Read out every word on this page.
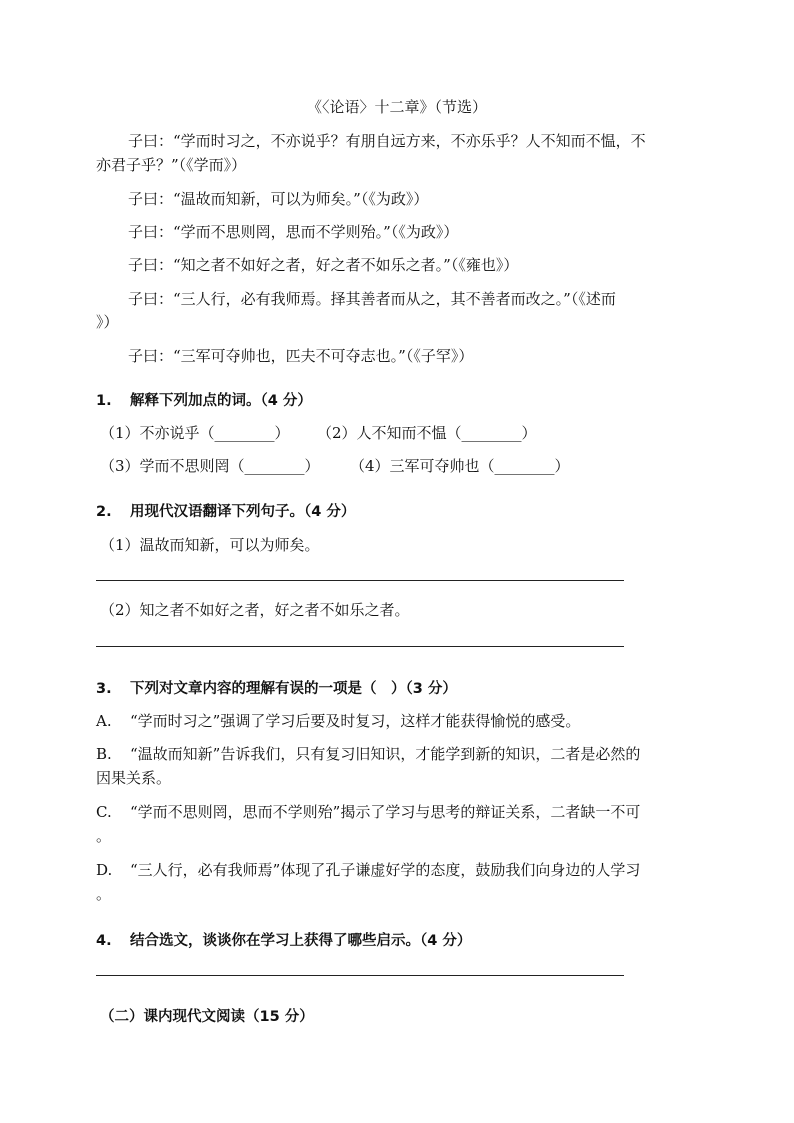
《〈论语〉十二章》（节选）
子曰：“学而时习之，不亦说乎？有朋自远方来，不亦乐乎？人不知而不愠，不
亦君子乎？”（《学而》）
子曰：“温故而知新，可以为师矣。”（《为政》）
子曰：“学而不思则罔，思而不学则殆。”（《为政》）
子曰：“知之者不如好之者，好之者不如乐之者。”（《雍也》）
子曰：“三人行，必有我师焉。择其善者而从之，其不善者而改之。”（《述而
》）
子曰：“三军可夺帅也，匹夫不可夺志也。”（《子罕》）
1. 解释下列加点的词。（4 分）
（1）不亦说乎（________） （2）人不知而不愠（________）
（3）学而不思则罔（________） （4）三军可夺帅也（________）
2. 用现代汉语翻译下列句子。（4 分）
（1）温故而知新，可以为师矣。
（2）知之者不如好之者，好之者不如乐之者。
3. 下列对文章内容的理解有误的一项是（　）（3 分）
A. “学而时习之”强调了学习后要及时复习，这样才能获得愉悦的感受。
B. “温故而知新”告诉我们，只有复习旧知识，才能学到新的知识，二者是必然的
因果关系。
C. “学而不思则罔，思而不学则殆”揭示了学习与思考的辩证关系，二者缺一不可
。
D. “三人行，必有我师焉”体现了孔子谦虚好学的态度，鼓励我们向身边的人学习
。
4. 结合选文，谈谈你在学习上获得了哪些启示。（4 分）
（二）课内现代文阅读（15 分）
